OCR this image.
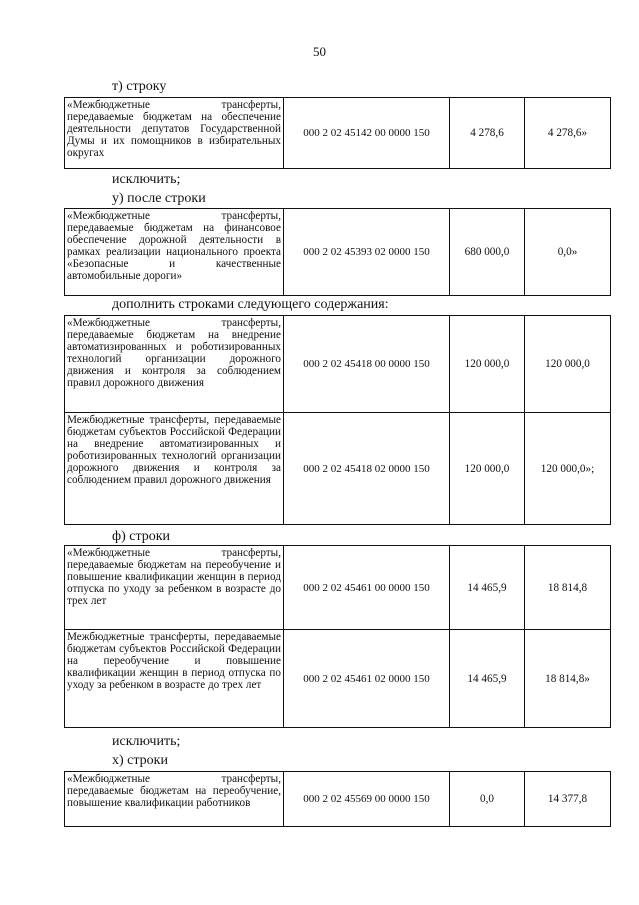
50
т) строку
«Межбюджетные трансферты, передаваемые бюджетам на обеспечение деятельности депутатов Государственной Думы и их помощников в избирательных округах	000 2 02 45142 00 0000 150	4 278,6	4 278,6»
исключить;
у) после строки
«Межбюджетные трансферты, передаваемые бюджетам на финансовое обеспечение дорожной деятельности в рамках реализации национального проекта «Безопасные и качественные автомобильные дороги»	000 2 02 45393 02 0000 150	680 000,0	0,0»
дополнить строками следующего содержания:
«Межбюджетные трансферты, передаваемые бюджетам на внедрение автоматизированных и роботизированных технологий организации дорожного движения и контроля за соблюдением правил дорожного движения	000 2 02 45418 00 0000 150	120 000,0	120 000,0
Межбюджетные трансферты, передаваемые бюджетам субъектов Российской Федерации на внедрение автоматизированных и роботизированных технологий организации дорожного движения и контроля за соблюдением правил дорожного движения	000 2 02 45418 02 0000 150	120 000,0	120 000,0»;
ф) строки
«Межбюджетные трансферты, передаваемые бюджетам на переобучение и повышение квалификации женщин в период отпуска по уходу за ребенком в возрасте до трех лет	000 2 02 45461 00 0000 150	14 465,9	18 814,8
Межбюджетные трансферты, передаваемые бюджетам субъектов Российской Федерации на переобучение и повышение квалификации женщин в период отпуска по уходу за ребенком в возрасте до трех лет	000 2 02 45461 02 0000 150	14 465,9	18 814,8»
исключить;
х) строки
«Межбюджетные трансферты, передаваемые бюджетам на переобучение, повышение квалификации работников	000 2 02 45569 00 0000 150	0,0	14 377,8
